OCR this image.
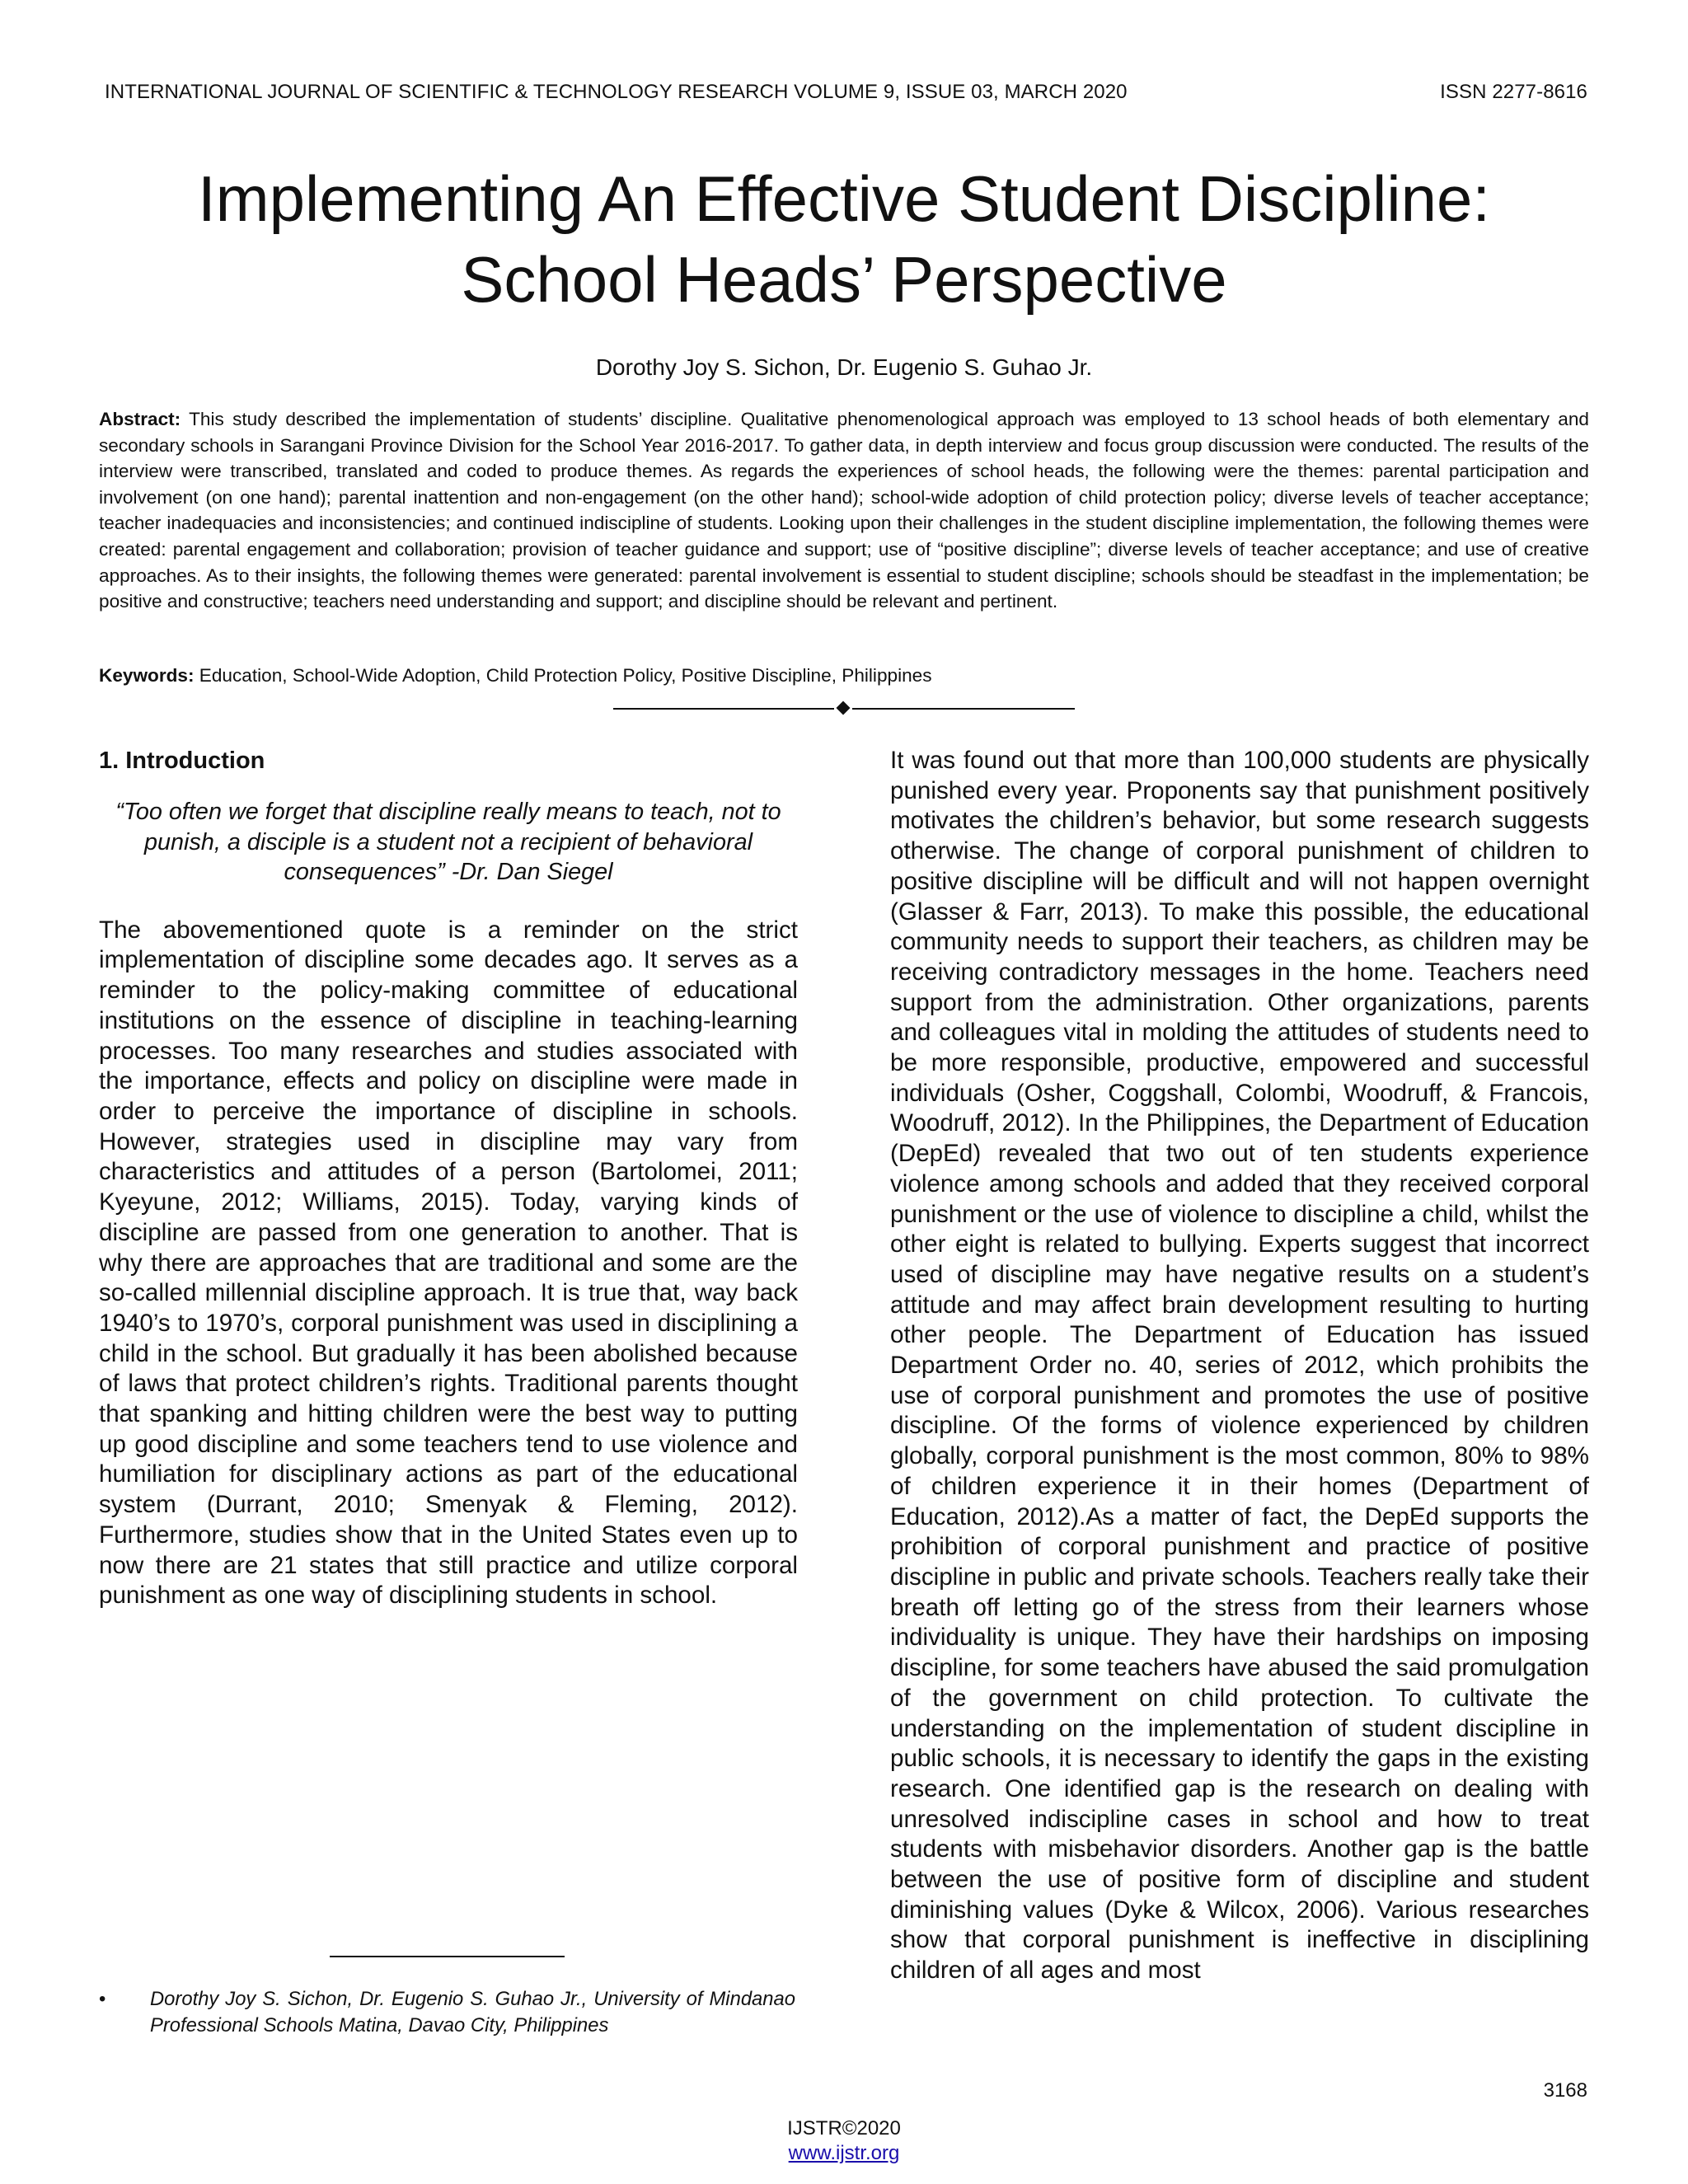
INTERNATIONAL JOURNAL OF SCIENTIFIC & TECHNOLOGY RESEARCH VOLUME 9, ISSUE 03, MARCH 2020	ISSN 2277-8616
Implementing An Effective Student Discipline:
School Heads’ Perspective
Dorothy Joy S. Sichon, Dr. Eugenio S. Guhao Jr.

Abstract: This study described the implementation of students’ discipline. Qualitative phenomenological approach was employed to 13 school heads of both elementary and secondary schools in Sarangani Province Division for the School Year 2016-2017. To gather data, in depth interview and focus group discussion were conducted. The results of the interview were transcribed, translated and coded to produce themes. As regards the experiences of school heads, the following were the themes: parental participation and involvement (on one hand); parental inattention and non-engagement (on the other hand); school-wide adoption of child protection policy; diverse levels of teacher acceptance; teacher inadequacies and inconsistencies; and continued indiscipline of students. Looking upon their challenges in the student discipline implementation, the following themes were created: parental engagement and collaboration; provision of teacher guidance and support; use of “positive discipline”; diverse levels of teacher acceptance; and use of creative approaches. As to their insights, the following themes were generated: parental involvement is essential to student discipline; schools should be steadfast in the implementation; be positive and constructive; teachers need understanding and support; and discipline should be relevant and pertinent.

Keywords: Education, School-Wide Adoption, Child Protection Policy, Positive Discipline, Philippines

1. Introduction

“Too often we forget that discipline really means to teach, not to punish, a disciple is a student not a recipient of behavioral consequences” -Dr. Dan Siegel

The abovementioned quote is a reminder on the strict implementation of discipline some decades ago. It serves as a reminder to the policy-making committee of educational institutions on the essence of discipline in teaching-learning processes. Too many researches and studies associated with the importance, effects and policy on discipline were made in order to perceive the importance of discipline in schools. However, strategies used in discipline may vary from characteristics and attitudes of a person (Bartolomei, 2011; Kyeyune, 2012; Williams, 2015). Today, varying kinds of discipline are passed from one generation to another. That is why there are approaches that are traditional and some are the so-called millennial discipline approach. It is true that, way back 1940’s to 1970’s, corporal punishment was used in disciplining a child in the school. But gradually it has been abolished because of laws that protect children’s rights. Traditional parents thought that spanking and hitting children were the best way to putting up good discipline and some teachers tend to use violence and humiliation for disciplinary actions as part of the educational system (Durrant, 2010; Smenyak & Fleming, 2012). Furthermore, studies show that in the United States even up to now there are 21 states that still practice and utilize corporal punishment as one way of disciplining students in school.

•	Dorothy Joy S. Sichon, Dr. Eugenio S. Guhao Jr., University of Mindanao Professional Schools Matina, Davao City, Philippines

It was found out that more than 100,000 students are physically punished every year. Proponents say that punishment positively motivates the children’s behavior, but some research suggests otherwise. The change of corporal punishment of children to positive discipline will be difficult and will not happen overnight (Glasser & Farr, 2013). To make this possible, the educational community needs to support their teachers, as children may be receiving contradictory messages in the home. Teachers need support from the administration. Other organizations, parents and colleagues vital in molding the attitudes of students need to be more responsible, productive, empowered and successful individuals (Osher, Coggshall, Colombi, Woodruff, & Francois, Woodruff, 2012). In the Philippines, the Department of Education (DepEd) revealed that two out of ten students experience violence among schools and added that they received corporal punishment or the use of violence to discipline a child, whilst the other eight is related to bullying. Experts suggest that incorrect used of discipline may have negative results on a student’s attitude and may affect brain development resulting to hurting other people. The Department of Education has issued Department Order no. 40, series of 2012, which prohibits the use of corporal punishment and promotes the use of positive discipline. Of the forms of violence experienced by children globally, corporal punishment is the most common, 80% to 98% of children experience it in their homes (Department of Education, 2012).As a matter of fact, the DepEd supports the prohibition of corporal punishment and practice of positive discipline in public and private schools. Teachers really take their breath off letting go of the stress from their learners whose individuality is unique. They have their hardships on imposing discipline, for some teachers have abused the said promulgation of the government on child protection. To cultivate the understanding on the implementation of student discipline in public schools, it is necessary to identify the gaps in the existing research. One identified gap is the research on dealing with unresolved indiscipline cases in school and how to treat students with misbehavior disorders. Another gap is the battle between the use of positive form of discipline and student diminishing values (Dyke & Wilcox, 2006). Various researches show that corporal punishment is ineffective in disciplining children of all ages and most

3168
IJSTR©2020
www.ijstr.org
